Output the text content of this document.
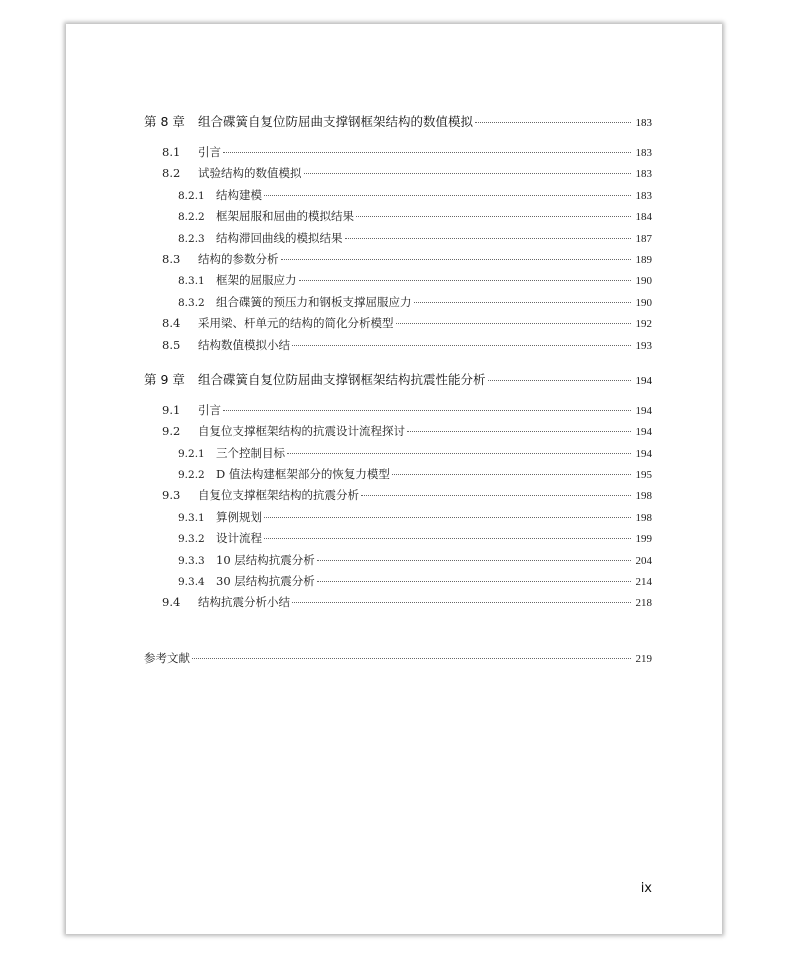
第 8 章	组合碟簧自复位防屈曲支撑钢框架结构的数值模拟	183
8.1	引言	183
8.2	试验结构的数值模拟	183
8.2.1 结构建模	183
8.2.2 框架屈服和屈曲的模拟结果	184
8.2.3 结构滞回曲线的模拟结果	187
8.3	结构的参数分析	189
8.3.1 框架的屈服应力	190
8.3.2 组合碟簧的预压力和钢板支撑屈服应力	190
8.4	采用梁、杆单元的结构的简化分析模型	192
8.5	结构数值模拟小结	193
第 9 章	组合碟簧自复位防屈曲支撑钢框架结构抗震性能分析	194
9.1	引言	194
9.2	自复位支撑框架结构的抗震设计流程探讨	194
9.2.1 三个控制目标	194
9.2.2 D 值法构建框架部分的恢复力模型	195
9.3	自复位支撑框架结构的抗震分析	198
9.3.1 算例规划	198
9.3.2 设计流程	199
9.3.3 10 层结构抗震分析	204
9.3.4 30 层结构抗震分析	214
9.4	结构抗震分析小结	218
参考文献	219
ix
